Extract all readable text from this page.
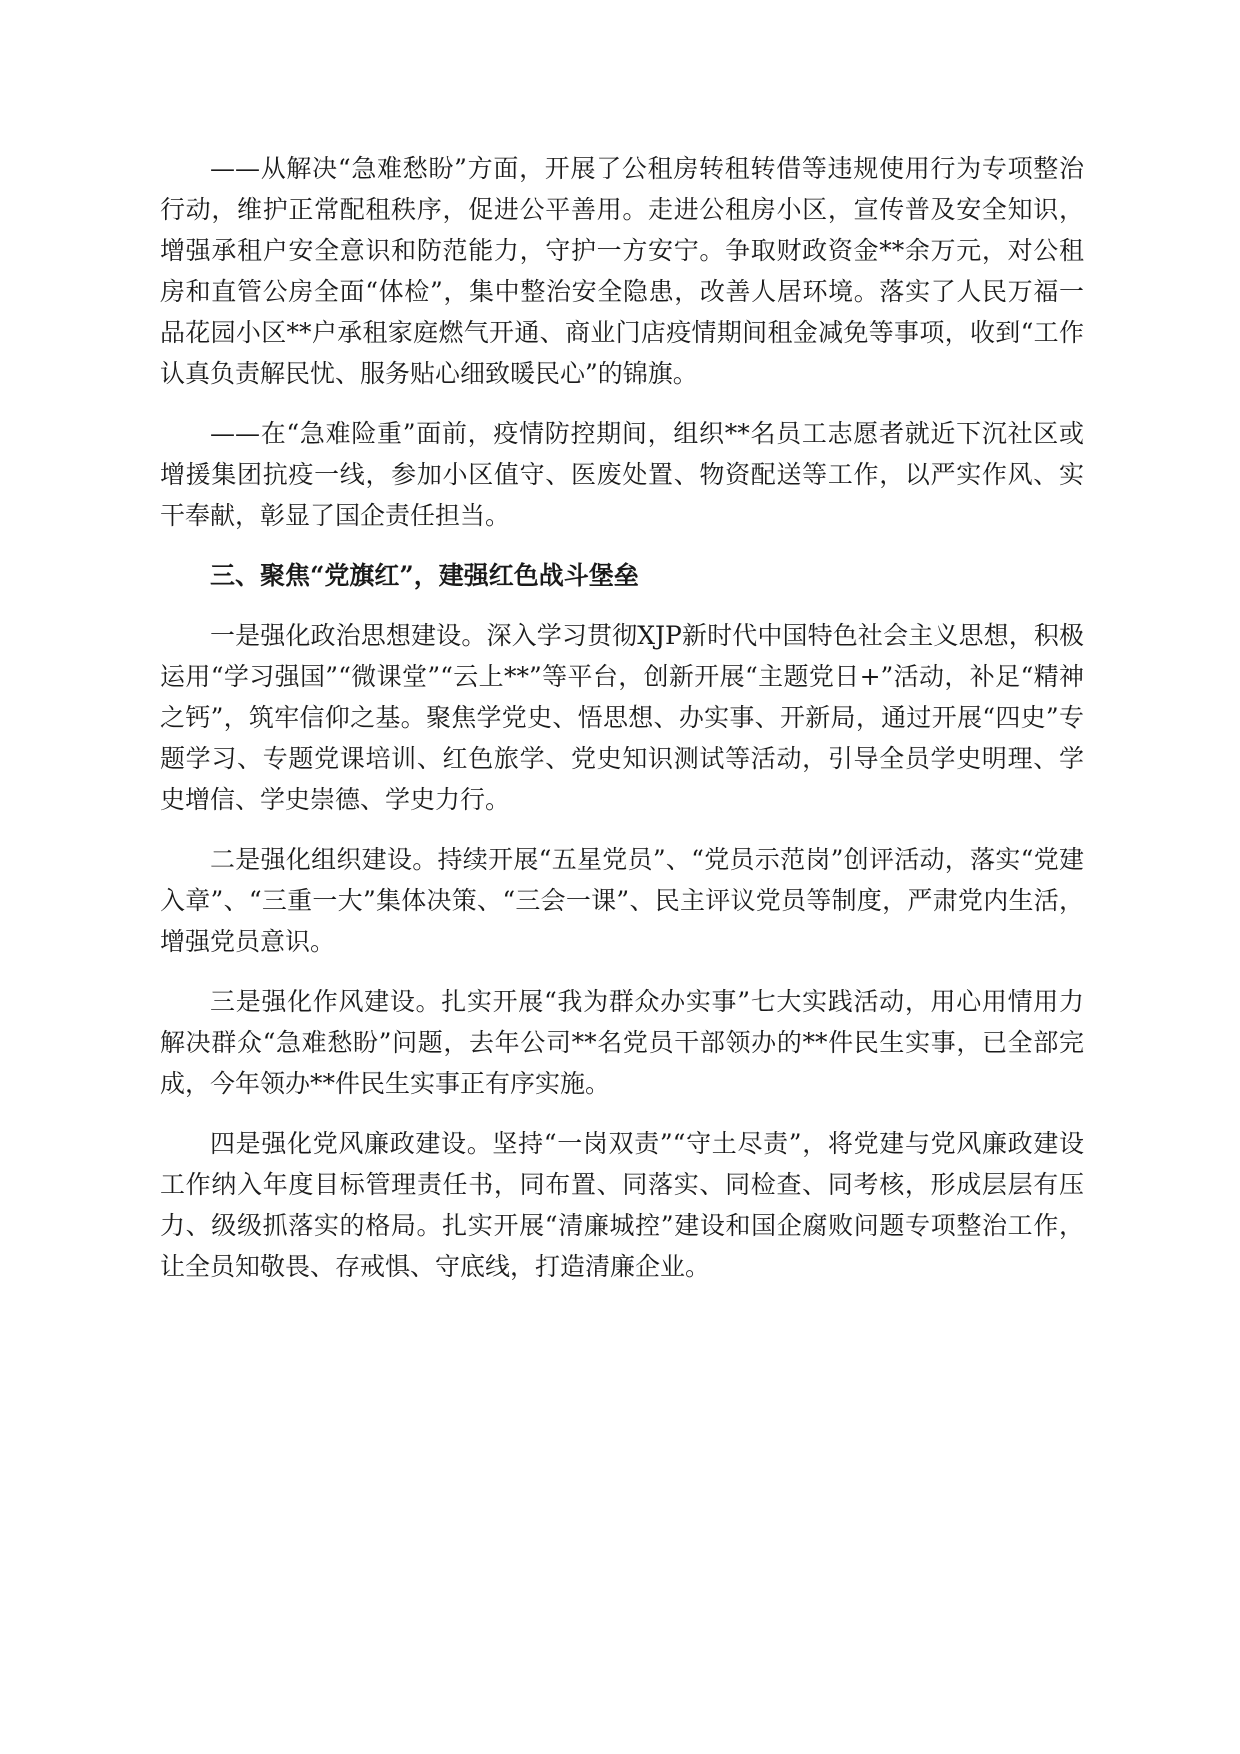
——从解决“急难愁盼”方面，开展了公租房转租转借等违规使用行为专项整治行动，维护正常配租秩序，促进公平善用。走进公租房小区，宣传普及安全知识，增强承租户安全意识和防范能力，守护一方安宁。争取财政资金**余万元，对公租房和直管公房全面“体检”，集中整治安全隐患，改善人居环境。落实了人民万福一品花园小区**户承租家庭燃气开通、商业门店疫情期间租金减免等事项，收到“工作认真负责解民忧、服务贴心细致暖民心”的锦旗。

——在“急难险重”面前，疫情防控期间，组织**名员工志愿者就近下沉社区或增援集团抗疫一线，参加小区值守、医废处置、物资配送等工作，以严实作风、实干奉献，彰显了国企责任担当。

三、聚焦“党旗红”，建强红色战斗堡垒

一是强化政治思想建设。深入学习贯彻XJP新时代中国特色社会主义思想，积极运用“学习强国”“微课堂”“云上**”等平台，创新开展“主题党日+”活动，补足“精神之钙”，筑牢信仰之基。聚焦学党史、悟思想、办实事、开新局，通过开展“四史”专题学习、专题党课培训、红色旅学、党史知识测试等活动，引导全员学史明理、学史增信、学史崇德、学史力行。

二是强化组织建设。持续开展“五星党员”、“党员示范岗”创评活动，落实“党建入章”、“三重一大”集体决策、“三会一课”、民主评议党员等制度，严肃党内生活，增强党员意识。

三是强化作风建设。扎实开展“我为群众办实事”七大实践活动，用心用情用力解决群众“急难愁盼”问题，去年公司**名党员干部领办的**件民生实事，已全部完成，今年领办**件民生实事正有序实施。

四是强化党风廉政建设。坚持“一岗双责”“守土尽责”，将党建与党风廉政建设工作纳入年度目标管理责任书，同布置、同落实、同检查、同考核，形成层层有压力、级级抓落实的格局。扎实开展“清廉城控”建设和国企腐败问题专项整治工作，让全员知敬畏、存戒惧、守底线，打造清廉企业。
